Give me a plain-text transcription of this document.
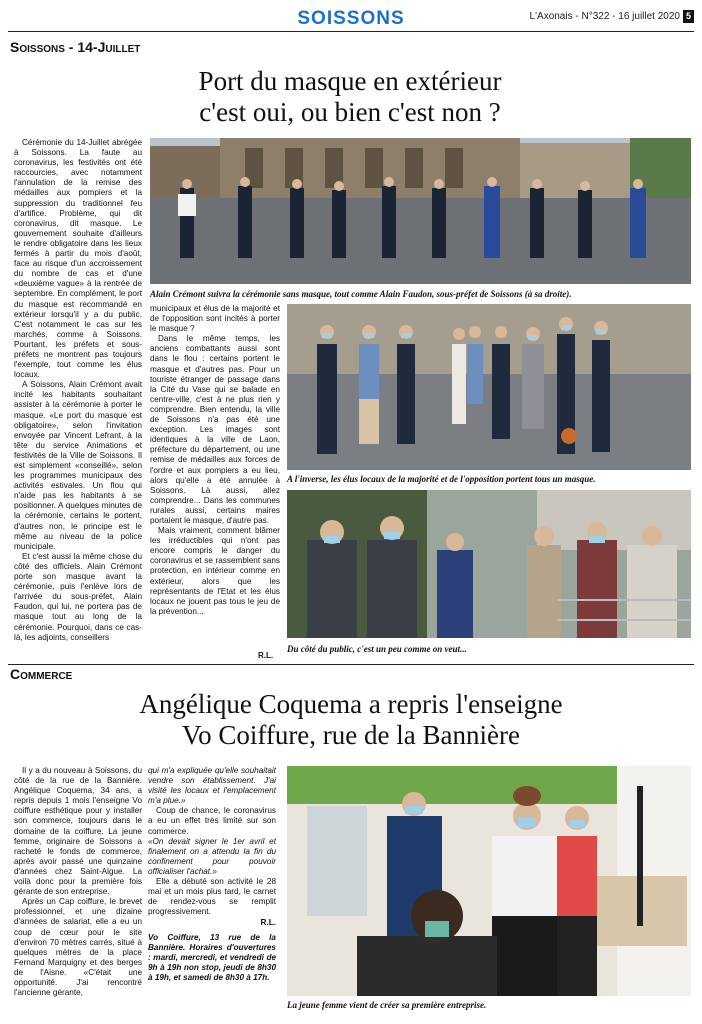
SOISSONS	L'Axonais - N°322 - 16 juillet 2020 5
Soissons - 14-Juillet
Port du masque en extérieur
c'est oui, ou bien c'est non ?

Cérémonie du 14-Juillet abrégée à Soissons. La faute au coronavirus, les festivités ont été raccourcies, avec notamment l'annulation de la remise des médailles aux pompiers et la suppression du traditionnel feu d'artifice. Problème, qui dit coronavirus, dit masque. Le gouvernement souhaite d'ailleurs le rendre obligatoire dans les lieux fermés à partir du mois d'août, face au risque d'un accroissement du nombre de cas et d'une «deuxième vague» à la rentrée de septembre. En complément, le port du masque est recommandé en extérieur lorsqu'il y a du public. C'est notamment le cas sur les marchés, comme à Soissons. Pourtant, les préfets et sous-préfets ne montrent pas toujours l'exemple, tout comme les élus locaux.

A Soissons, Alain Crémont avait incité les habitants souhaitant assister à la cérémonie à porter le masque. «Le port du masque est obligatoire», selon l'invitation envoyée par Vincent Lefrant, à la tête du service Animations et festivités de la Ville de Soissons. Il est simplement «conseillé», selon les programmes municipaux des activités estivales. Un flou qui n'aide pas les habitants à se positionner. A quelques minutes de la cérémonie, certains le portent, d'autres non, le principe est le même au niveau de la police municipale.

Et c'est aussi la même chose du côté des officiels. Alain Crémont porte son masque avant la cérémonie, puis l'enlève lors de l'arrivée du sous-préfet, Alain Faudon, qui lui, ne portera pas de masque tout au long de la cérémonie. Pourquoi, dans ce cas-là, les adjoints, conseillers

Alain Crémont suivra la cérémonie sans masque, tout comme Alain Faudon, sous-préfet de Soissons (à sa droite).

municipaux et élus de la majorité et de l'opposition sont incités à porter le masque ?

Dans le même temps, les anciens combattants aussi sont dans le flou : certains portent le masque et d'autres pas. Pour un touriste étranger de passage dans la Cité du Vase qui se balade en centre-ville, c'est à ne plus rien y comprendre. Bien entendu, la ville de Soissons n'a pas été une exception. Les images sont identiques à la ville de Laon, préfecture du département, ou une remise de médailles aux forces de l'ordre et aux pompiers a eu lieu, alors qu'elle a été annulée à Soissons. Là aussi, allez comprendre... Dans les communes rurales aussi, certains maires portaient le masque, d'autre pas.

Mais vraiment, comment blâmer les irréductibles qui n'ont pas encore compris le danger du coronavirus et se rassemblent sans protection, en intérieur comme en extérieur, alors que les représentants de l'Etat et les élus locaux ne jouent pas tous le jeu de la prévention...

R.L.
A l'inverse, les élus locaux de la majorité et de l'opposition portent tous un masque.
Du côté du public, c'est un peu comme on veut...
Commerce
Angélique Coquema a repris l'enseigne
Vo Coiffure, rue de la Bannière

Il y a du nouveau à Soissons, du côté de la rue de la Bannière. Angélique Coquema, 34 ans, a repris depuis 1 mois l'enseigne Vo coiffure esthétique pour y installer son commerce, toujours dans le domaine de la coiffure. La jeune femme, originaire de Soissons a racheté le fonds de commerce, après avoir passé une quinzaine d'années chez Saint-Algue. La voilà donc pour la première fois gérante de son entreprise.

Après un Cap coiffure, le brevet professionnel, et une dizaine d'années de salariat, elle a eu un coup de cœur pour le site d'environ 70 mètres carrés, situé à quelques mètres de la place Fernand Marquigny et des berges de l'Aisne. «C'était une opportunité. J'ai rencontré l'ancienne gérante,

qui m'a expliquée qu'elle souhaitait vendre son établissement. J'ai visité les locaux et l'emplacement m'a plue.»

Coup de chance, le coronavirus a eu un effet très limité sur son commerce.

«On devait signer le 1er avril et finalement on a attendu la fin du confinement pour pouvoir officialiser l'achat.»

Elle a débuté son activité le 28 mai et un mois plus tard, le carnet de rendez-vous se remplit progressivement.

R.L.

Vo Coiffure, 13 rue de la Bannière. Horaires d'ouvertures : mardi, mercredi, et vendredi de 9h à 19h non stop, jeudi de 8h30 à 19h, et samedi de 8h30 à 17h.

La jeune femme vient de créer sa première entreprise.
